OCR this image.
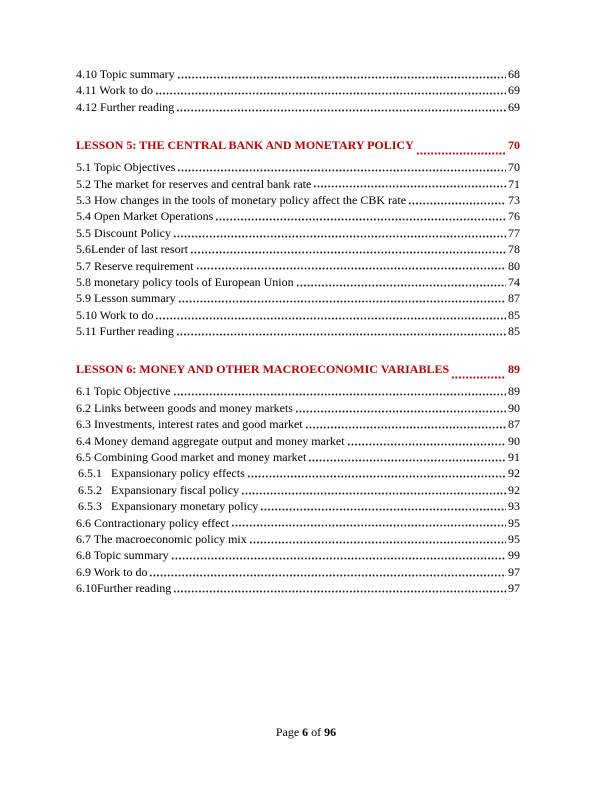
4.10 Topic summary	68
4.11 Work to do	69
4.12 Further reading	69
LESSON 5: THE CENTRAL BANK AND MONETARY POLICY	70
5.1 Topic Objectives	70
5.2 The market for reserves and central bank rate	71
5.3 How changes in the tools of monetary policy affect the CBK rate	73
5.4 Open Market Operations	76
5.5 Discount Policy	77
5.6Lender of last resort	78
5.7 Reserve requirement	80
5.8 monetary policy tools of European Union	74
5.9 Lesson summary	87
5.10 Work to do	85
5.11 Further reading	85
LESSON 6: MONEY AND OTHER MACROECONOMIC VARIABLES	89
6.1 Topic Objective	89
6.2 Links between goods and money markets	90
6.3 Investments, interest rates and good market	87
6.4 Money demand aggregate output and money market	90
6.5 Combining Good market and money market	91
6.5.1 Expansionary policy effects	92
6.5.2 Expansionary fiscal policy	92
6.5.3 Expansionary monetary policy	93
6.6 Contractionary policy effect	95
6.7 The macroeconomic policy mix	95
6.8 Topic summary	99
6.9 Work to do	97
6.10Further reading	97
Page 6 of 96
